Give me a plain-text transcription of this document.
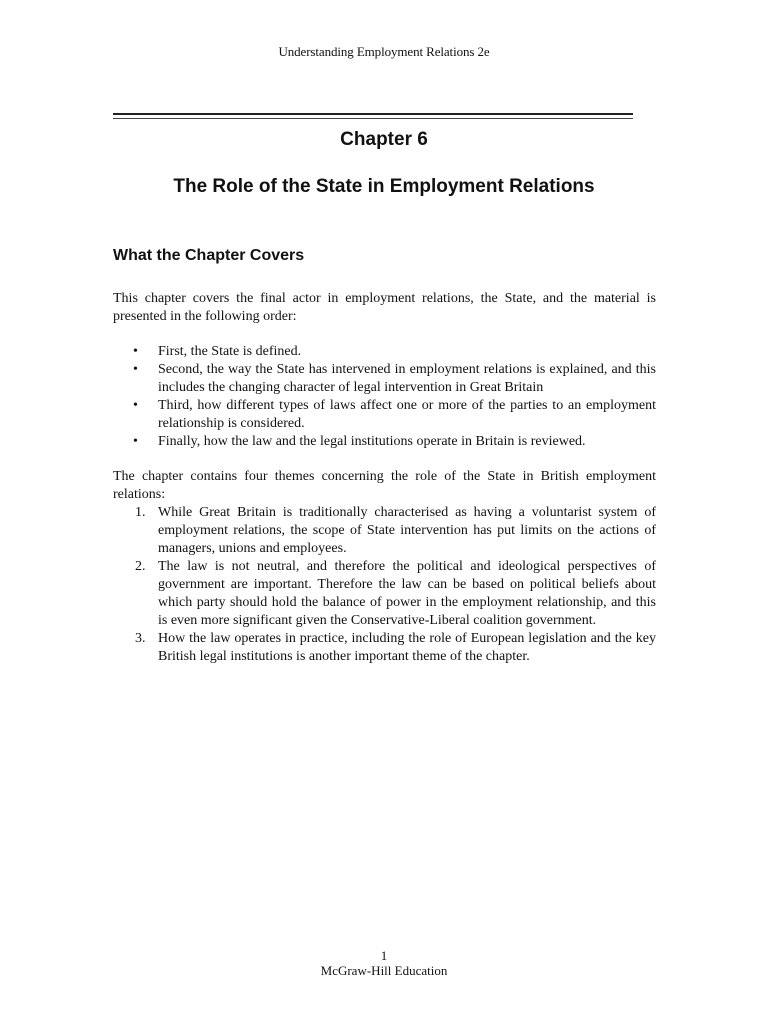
Understanding Employment Relations 2e
Chapter 6
The Role of the State in Employment Relations
What the Chapter Covers
This chapter covers the final actor in employment relations, the State, and the material is presented in the following order:
• First, the State is defined.
• Second, the way the State has intervened in employment relations is explained, and this includes the changing character of legal intervention in Great Britain
• Third, how different types of laws affect one or more of the parties to an employment relationship is considered.
• Finally, how the law and the legal institutions operate in Britain is reviewed.
The chapter contains four themes concerning the role of the State in British employment relations:
1. While Great Britain is traditionally characterised as having a voluntarist system of employment relations, the scope of State intervention has put limits on the actions of managers, unions and employees.
2. The law is not neutral, and therefore the political and ideological perspectives of government are important. Therefore the law can be based on political beliefs about which party should hold the balance of power in the employment relationship, and this is even more significant given the Conservative-Liberal coalition government.
3. How the law operates in practice, including the role of European legislation and the key British legal institutions is another important theme of the chapter.
1
McGraw-Hill Education
